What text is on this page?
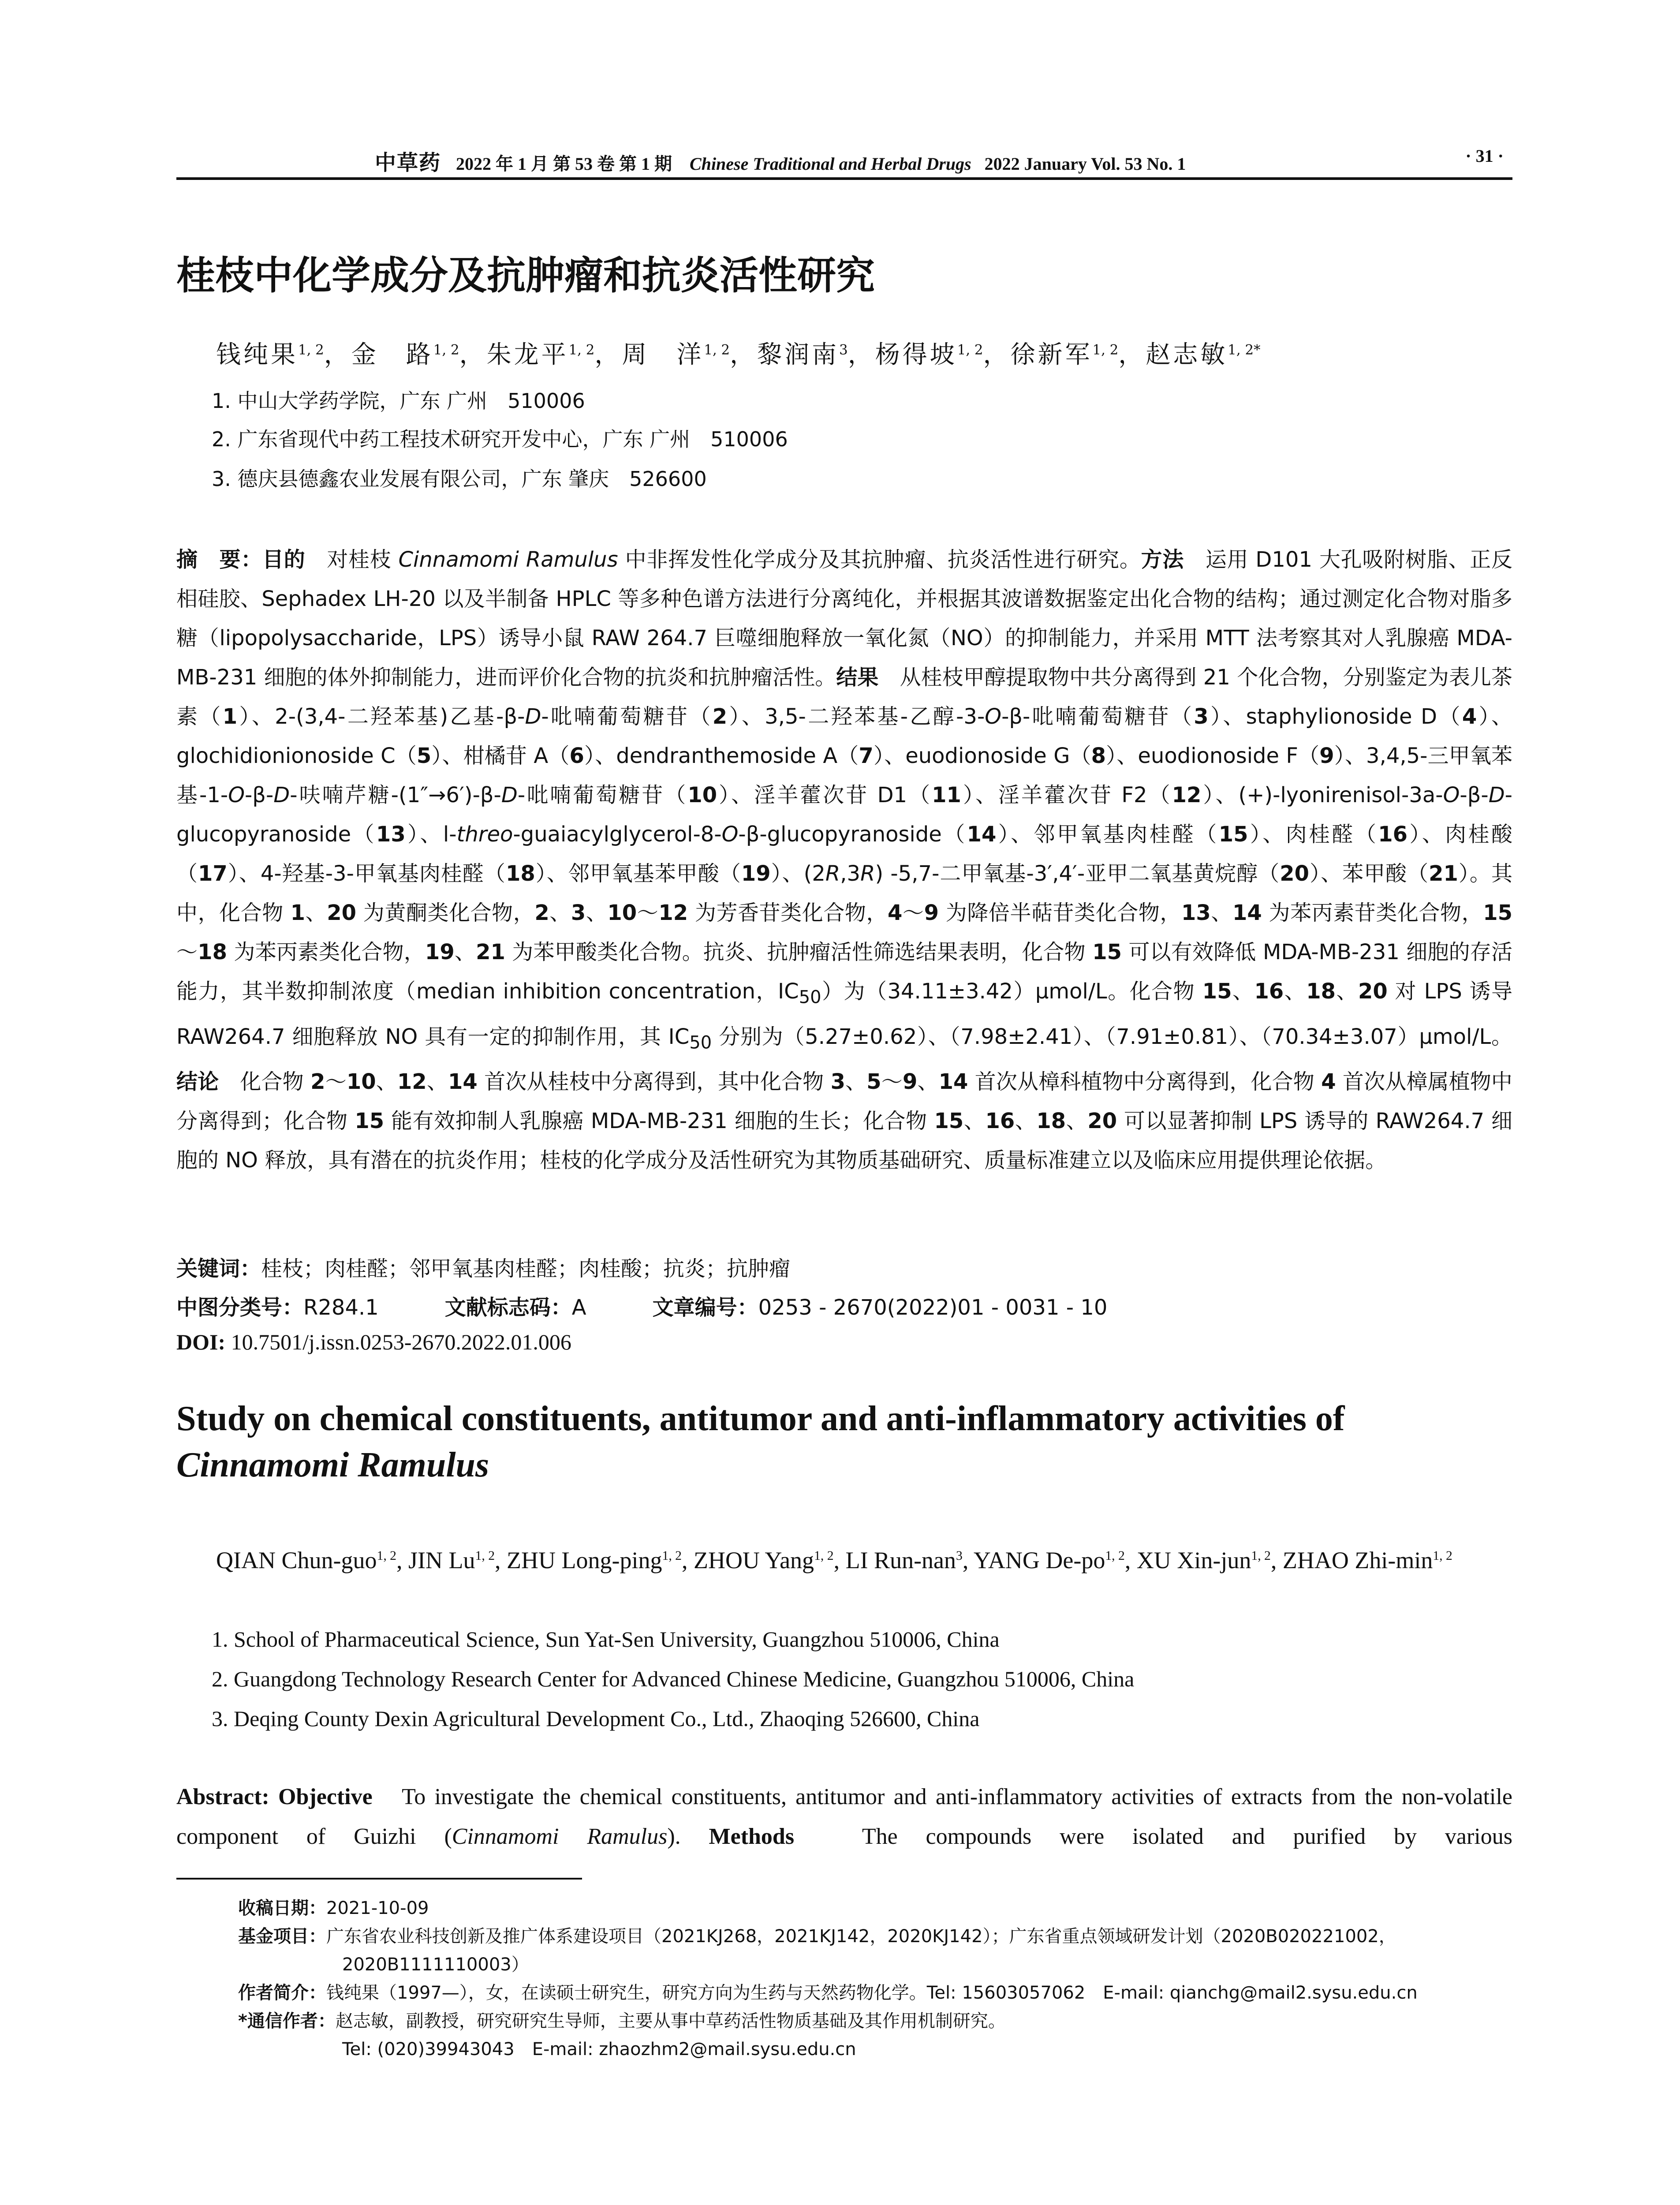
中草药 2022 年 1 月 第 53 卷 第 1 期 Chinese Traditional and Herbal Drugs 2022 January Vol. 53 No. 1	· 31 ·
桂枝中化学成分及抗肿瘤和抗炎活性研究
钱纯果$^{1, 2}$，金　路$^{1, 2}$，朱龙平$^{1, 2}$，周　洋$^{1, 2}$，黎润南$^3$，杨得坡$^{1, 2}$，徐新军$^{1, 2}$，赵志敏$^{1, 2*}$
1. 中山大学药学院，广东 广州　510006
2. 广东省现代中药工程技术研究开发中心，广东 广州　510006
3. 德庆县德鑫农业发展有限公司，广东 肇庆　526600
摘　要：目的　对桂枝 Cinnamomi Ramulus 中非挥发性化学成分及其抗肿瘤、抗炎活性进行研究。方法　运用 D101 大孔吸附树脂、正反相硅胶、Sephadex LH-20 以及半制备 HPLC 等多种色谱方法进行分离纯化，并根据其波谱数据鉴定出化合物的结构；通过测定化合物对脂多糖（lipopolysaccharide，LPS）诱导小鼠 RAW 264.7 巨噬细胞释放一氧化氮（NO）的抑制能力，并采用 MTT 法考察其对人乳腺癌 MDA-MB-231 细胞的体外抑制能力，进而评价化合物的抗炎和抗肿瘤活性。结果　从桂枝甲醇提取物中共分离得到 21 个化合物，分别鉴定为表儿茶素（1）、2-(3,4-二羟苯基)乙基-β-D-吡喃葡萄糖苷（2）、3,5-二羟苯基-乙醇-3-O-β-吡喃葡萄糖苷（3）、staphylionoside D（4）、glochidionionoside C（5）、柑橘苷 A（6）、dendranthemoside A（7）、euodionoside G（8）、euodionoside F（9）、3,4,5-三甲氧苯基-1-O-β-D-呋喃芹糖-(1″→6′)-β-D-吡喃葡萄糖苷（10）、淫羊藿次苷 D1（11）、淫羊藿次苷 F2（12）、(+)-lyonirenisol-3a-O-β-D-glucopyranoside（13）、l-threo-guaiacylglycerol-8-O-β-glucopyranoside（14）、邻甲氧基肉桂醛（15）、肉桂醛（16）、肉桂酸（17）、4-羟基-3-甲氧基肉桂醛（18）、邻甲氧基苯甲酸（19）、(2R,3R) -5,7-二甲氧基-3′,4′-亚甲二氧基黄烷醇（20）、苯甲酸（21）。其中，化合物 1、20 为黄酮类化合物，2、3、10～12 为芳香苷类化合物，4～9 为降倍半萜苷类化合物，13、14 为苯丙素苷类化合物，15～18 为苯丙素类化合物，19、21 为苯甲酸类化合物。抗炎、抗肿瘤活性筛选结果表明，化合物 15 可以有效降低 MDA-MB-231 细胞的存活能力，其半数抑制浓度（median inhibition concentration，$IC_{50}$）为（34.11±3.42）μmol/L。化合物 15、16、18、20 对 LPS 诱导 RAW264.7 细胞释放 NO 具有一定的抑制作用，其 $IC_{50}$ 分别为（5.27±0.62）、（7.98±2.41）、（7.91±0.81）、（70.34±3.07）μmol/L。结论　化合物 2～10、12、14 首次从桂枝中分离得到，其中化合物 3、5～9、14 首次从樟科植物中分离得到，化合物 4 首次从樟属植物中分离得到；化合物 15 能有效抑制人乳腺癌 MDA-MB-231 细胞的生长；化合物 15、16、18、20 可以显著抑制 LPS 诱导的 RAW264.7 细胞的 NO 释放，具有潜在的抗炎作用；桂枝的化学成分及活性研究为其物质基础研究、质量标准建立以及临床应用提供理论依据。
关键词：桂枝；肉桂醛；邻甲氧基肉桂醛；肉桂酸；抗炎；抗肿瘤
中图分类号：R284.1	文献标志码：A	文章编号：0253 - 2670(2022)01 - 0031 - 10
DOI: 10.7501/j.issn.0253-2670.2022.01.006
Study on chemical constituents, antitumor and anti-inflammatory activities of
Cinnamomi Ramulus
QIAN Chun-guo$^{1, 2}$, JIN Lu$^{1, 2}$, ZHU Long-ping$^{1, 2}$, ZHOU Yang$^{1, 2}$, LI Run-nan$^3$, YANG De-po$^{1, 2}$, XU Xin-jun$^{1, 2}$, ZHAO Zhi-$\min^{1, 2}$
1. School of Pharmaceutical Science, Sun Yat-Sen University, Guangzhou 510006, China
2. Guangdong Technology Research Center for Advanced Chinese Medicine, Guangzhou 510006, China
3. Deqing County Dexin Agricultural Development Co., Ltd., Zhaoqing 526600, China
Abstract: Objective　To investigate the chemical constituents, antitumor and anti-inflammatory activities of extracts from the non-volatile component of Guizhi (Cinnamomi Ramulus). Methods　The compounds were isolated and purified by various
收稿日期：2021-10-09
基金项目：广东省农业科技创新及推广体系建设项目（2021KJ268，2021KJ142，2020KJ142）；广东省重点领域研发计划（2020B020221002，
2020B1111110003）
作者简介：钱纯果（1997—），女，在读硕士研究生，研究方向为生药与天然药物化学。Tel: 15603057062　E-mail: qianchg@mail2.sysu.edu.cn
*通信作者：赵志敏，副教授，研究研究生导师，主要从事中草药活性物质基础及其作用机制研究。
Tel: (020)39943043　E-mail: zhaozhm2@mail.sysu.edu.cn
